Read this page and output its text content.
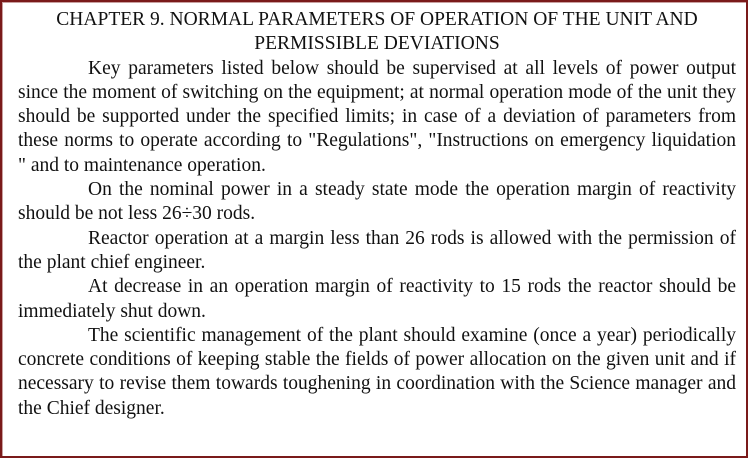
CHAPTER 9. NORMAL PARAMETERS OF OPERATION OF THE UNIT AND PERMISSIBLE DEVIATIONS

Key parameters listed below should be supervised at all levels of power output since the moment of switching on the equipment; at normal operation mode of the unit they should be supported under the specified limits; in case of a deviation of parameters from these norms to operate according to "Regulations", "Instructions on emergency liquidation " and to maintenance operation.

On the nominal power in a steady state mode the operation margin of reactivity should be not less 26÷30 rods.

Reactor operation at a margin less than 26 rods is allowed with the permission of the plant chief engineer.

At decrease in an operation margin of reactivity to 15 rods the reactor should be immediately shut down.

The scientific management of the plant should examine (once a year) periodically concrete conditions of keeping stable the fields of power allocation on the given unit and if necessary to revise them towards toughening in coordination with the Science manager and the Chief designer.
